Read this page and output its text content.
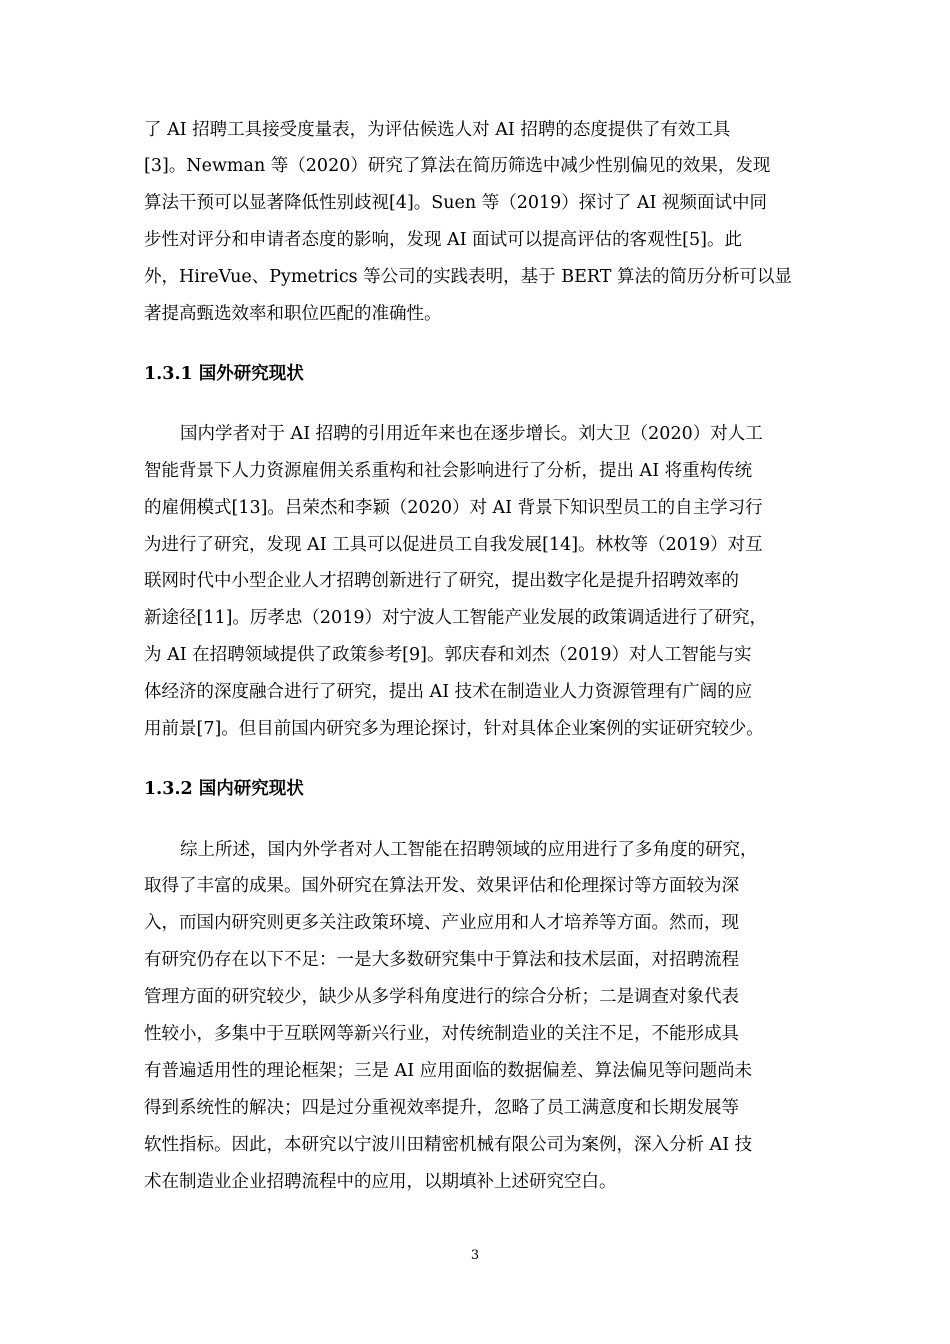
了 AI 招聘工具接受度量表，为评估候选人对 AI 招聘的态度提供了有效工具
[3]。Newman 等（2020）研究了算法在简历筛选中减少性别偏见的效果，发现
算法干预可以显著降低性别歧视[4]。Suen 等（2019）探讨了 AI 视频面试中同
步性对评分和申请者态度的影响，发现 AI 面试可以提高评估的客观性[5]。此
外，HireVue、Pymetrics 等公司的实践表明，基于 BERT 算法的简历分析可以显
著提高甄选效率和职位匹配的准确性。
1.3.1 国外研究现状
国内学者对于 AI 招聘的引用近年来也在逐步增长。刘大卫（2020）对人工
智能背景下人力资源雇佣关系重构和社会影响进行了分析，提出 AI 将重构传统
的雇佣模式[13]。吕荣杰和李颖（2020）对 AI 背景下知识型员工的自主学习行
为进行了研究，发现 AI 工具可以促进员工自我发展[14]。林枚等（2019）对互
联网时代中小型企业人才招聘创新进行了研究，提出数字化是提升招聘效率的
新途径[11]。厉孝忠（2019）对宁波人工智能产业发展的政策调适进行了研究，
为 AI 在招聘领域提供了政策参考[9]。郭庆春和刘杰（2019）对人工智能与实
体经济的深度融合进行了研究，提出 AI 技术在制造业人力资源管理有广阔的应
用前景[7]。但目前国内研究多为理论探讨，针对具体企业案例的实证研究较少。
1.3.2 国内研究现状
综上所述，国内外学者对人工智能在招聘领域的应用进行了多角度的研究，
取得了丰富的成果。国外研究在算法开发、效果评估和伦理探讨等方面较为深
入，而国内研究则更多关注政策环境、产业应用和人才培养等方面。然而，现
有研究仍存在以下不足：一是大多数研究集中于算法和技术层面，对招聘流程
管理方面的研究较少，缺少从多学科角度进行的综合分析；二是调查对象代表
性较小，多集中于互联网等新兴行业，对传统制造业的关注不足，不能形成具
有普遍适用性的理论框架；三是 AI 应用面临的数据偏差、算法偏见等问题尚未
得到系统性的解决；四是过分重视效率提升，忽略了员工满意度和长期发展等
软性指标。因此，本研究以宁波川田精密机械有限公司为案例，深入分析 AI 技
术在制造业企业招聘流程中的应用，以期填补上述研究空白。
3
